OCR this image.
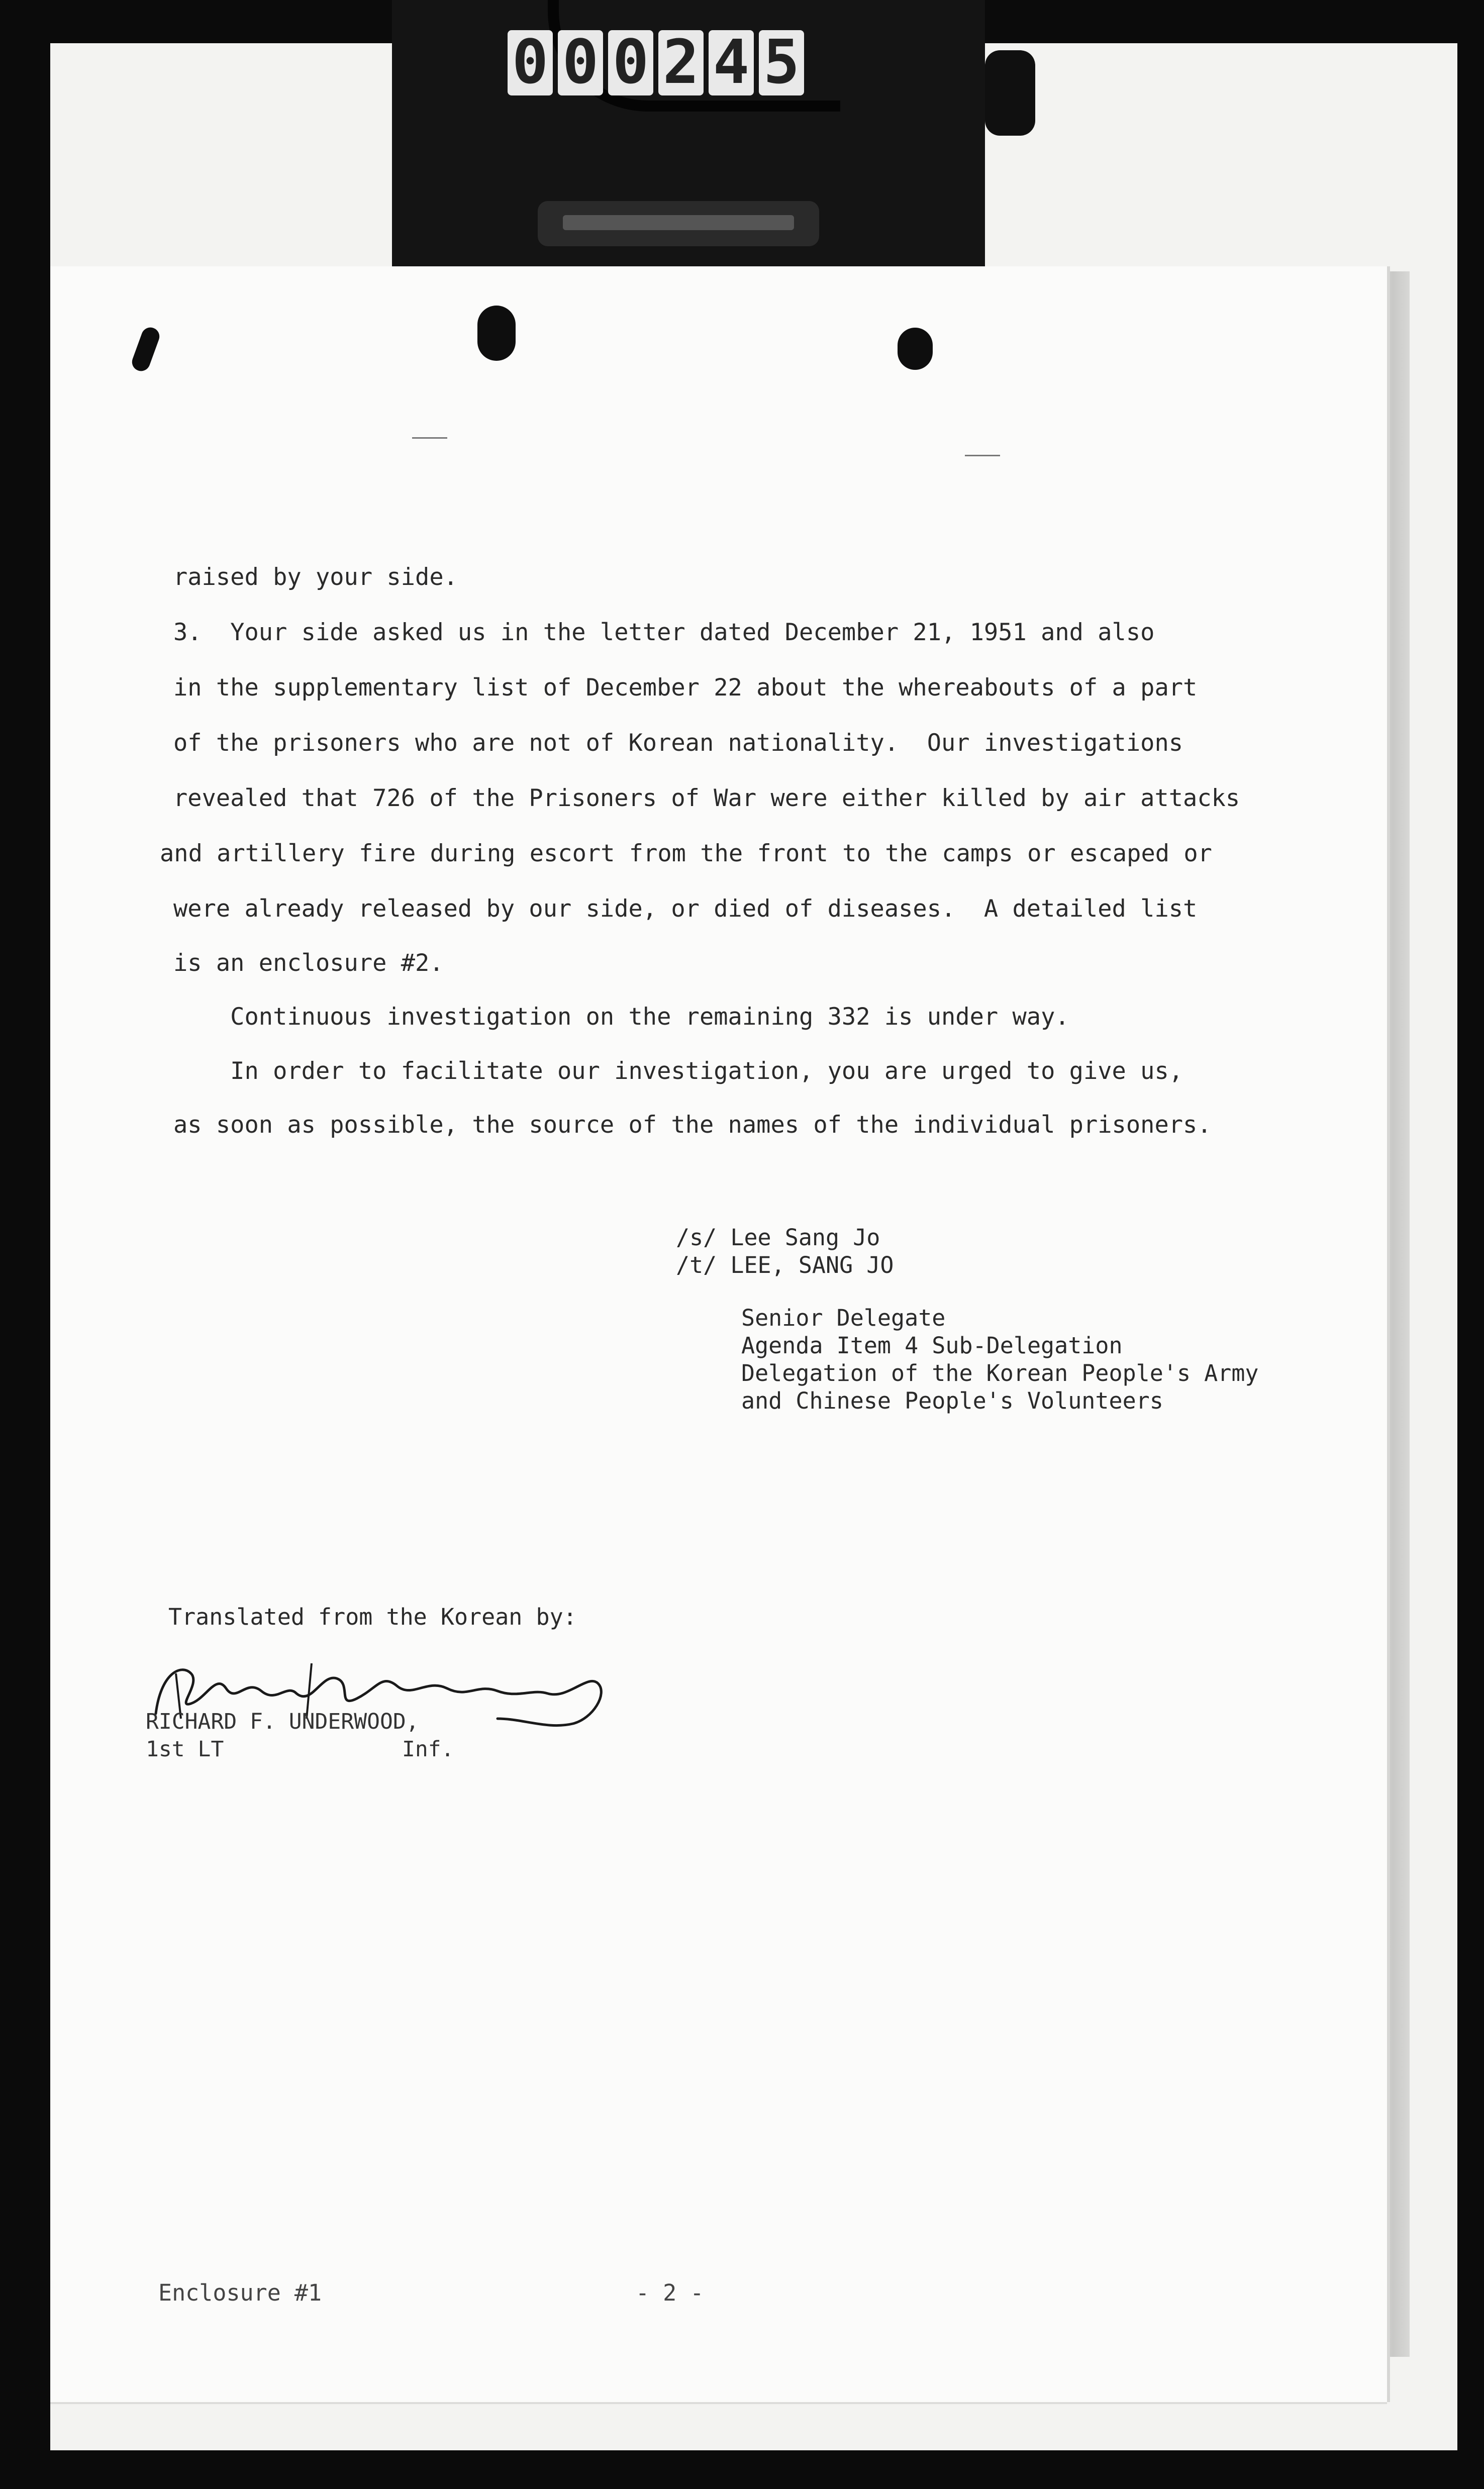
0 0 0 2 4 5
raised by your side.
3.  Your side asked us in the letter dated December 21, 1951 and also
in the supplementary list of December 22 about the whereabouts of a part
of the prisoners who are not of Korean nationality.  Our investigations
revealed that 726 of the Prisoners of War were either killed by air attacks
and artillery fire during escort from the front to the camps or escaped or
were already released by our side, or died of diseases.  A detailed list
is an enclosure #2.
Continuous investigation on the remaining 332 is under way.
In order to facilitate our investigation, you are urged to give us,
as soon as possible, the source of the names of the individual prisoners.
/s/ Lee Sang Jo
/t/ LEE, SANG JO
Senior Delegate
Agenda Item 4 Sub-Delegation
Delegation of the Korean People's Army
and Chinese People's Volunteers
Translated from the Korean by:
RICHARD F. UNDERWOOD,
1st LT	Inf.
Enclosure #1	- 2 -
